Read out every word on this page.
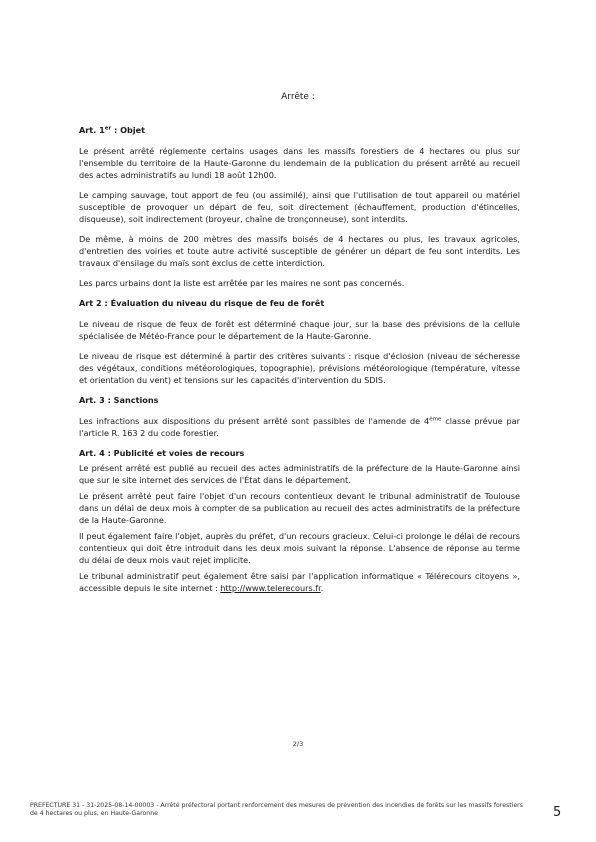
Arrête :
Art. 1er : Objet

Le présent arrêté réglemente certains usages dans les massifs forestiers de 4 hectares ou plus sur l'ensemble du territoire de la Haute-Garonne du lendemain de la publication du présent arrêté au recueil des actes administratifs au lundi 18 août 12h00.

Le camping sauvage, tout apport de feu (ou assimilé), ainsi que l'utilisation de tout appareil ou matériel susceptible de provoquer un départ de feu, soit directement (échauffement, production d'étincelles, disqueuse), soit indirectement (broyeur, chaîne de tronçonneuse), sont interdits.

De même, à moins de 200 mètres des massifs boisés de 4 hectares ou plus, les travaux agricoles, d'entretien des voiries et toute autre activité susceptible de générer un départ de feu sont interdits. Les travaux d'ensilage du maïs sont exclus de cette interdiction.

Les parcs urbains dont la liste est arrêtée par les maires ne sont pas concernés.

Art 2 : Évaluation du niveau du risque de feu de forêt

Le niveau de risque de feux de forêt est déterminé chaque jour, sur la base des prévisions de la cellule spécialisée de Météo-France pour le département de la Haute-Garonne.

Le niveau de risque est déterminé à partir des critères suivants : risque d'éclosion (niveau de sécheresse des végétaux, conditions météorologiques, topographie), prévisions météorologique (température, vitesse et orientation du vent) et tensions sur les capacités d'intervention du SDIS.

Art. 3 : Sanctions

Les infractions aux dispositions du présent arrêté sont passibles de l'amende de 4ème classe prévue par l'article R. 163 2 du code forestier.

Art. 4 : Publicité et voies de recours

Le présent arrêté est publié au recueil des actes administratifs de la préfecture de la Haute-Garonne ainsi que sur le site internet des services de l'État dans le département.

Le présent arrêté peut faire l'objet d'un recours contentieux devant le tribunal administratif de Toulouse dans un délai de deux mois à compter de sa publication au recueil des actes administratifs de la préfecture de la Haute-Garonne.

Il peut également faire l'objet, auprès du préfet, d'un recours gracieux. Celui-ci prolonge le délai de recours contentieux qui doit être introduit dans les deux mois suivant la réponse. L'absence de réponse au terme du délai de deux mois vaut rejet implicite.

Le tribunal administratif peut également être saisi par l'application informatique « Télérecours citoyens », accessible depuis le site internet : http://www.telerecours.fr.

2/3
PREFECTURE 31 - 31-2025-08-14-00003 - Arrêté préfectoral portant renforcement des mesures de prévention des incendies de forêts sur les massifs forestiers de 4 hectares ou plus, en Haute-Garonne	5
